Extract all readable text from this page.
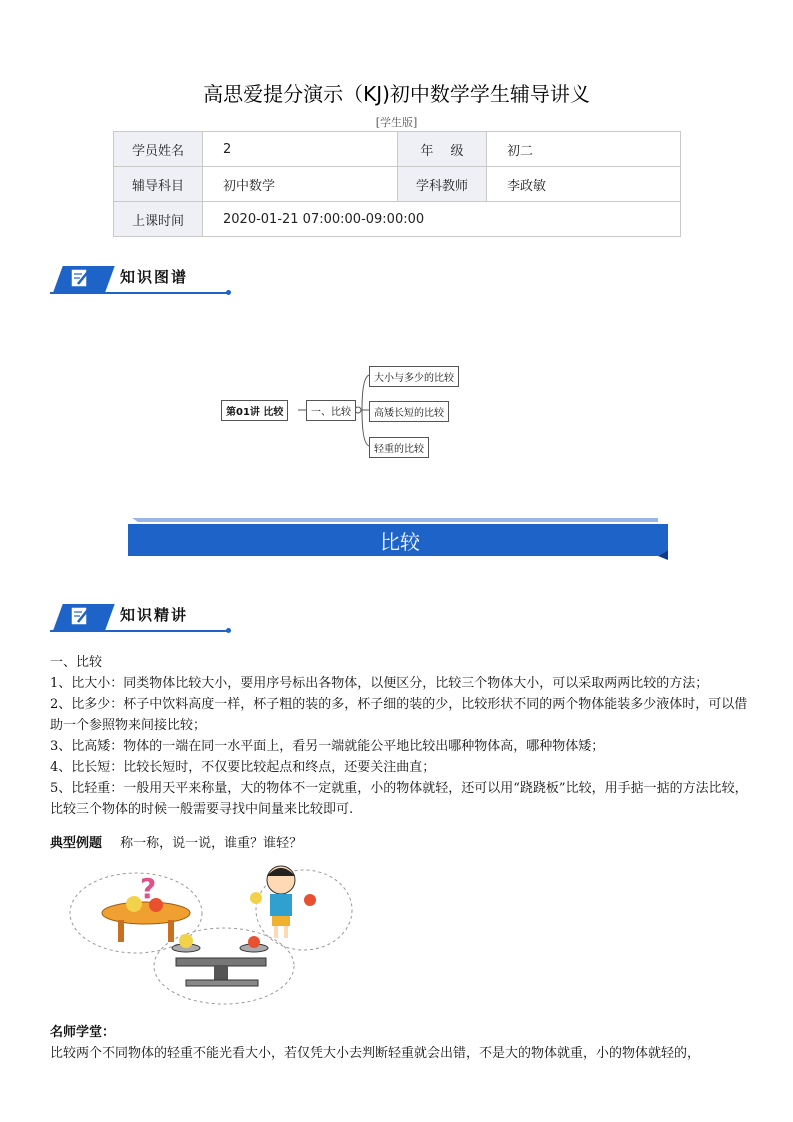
高思爱提分演示（KJ)初中数学学生辅导讲义
[学生版]
学员姓名	2	年　 级	初二
辅导科目	初中数学	学科教师	李政敏
上课时间	2020-01-21 07:00:00-09:00:00		
知识图谱
第01讲 比较	一、比较
大小与多少的比较
高矮长短的比较
轻重的比较
比较
知识精讲

一、比较

1、比大小：同类物体比较大小，要用序号标出各物体，以便区分，比较三个物体大小，可以采取两两比较的方法；

2、比多少：杯子中饮料高度一样，杯子粗的装的多，杯子细的装的少，比较形状不同的两个物体能装多少液体时，可以借助一个参照物来间接比较；

3、比高矮：物体的一端在同一水平面上，看另一端就能公平地比较出哪种物体高，哪种物体矮；

4、比长短：比较长短时，不仅要比较起点和终点，还要关注曲直；

5、比轻重：一般用天平来称量，大的物体不一定就重，小的物体就轻，还可以用“跷跷板”比较，用手掂一掂的方法比较，比较三个物体的时候一般需要寻找中间量来比较即可.

典型例题 称一称，说一说，谁重？谁轻？
?

名师学堂：

比较两个不同物体的轻重不能光看大小，若仅凭大小去判断轻重就会出错，不是大的物体就重，小的物体就轻的，
